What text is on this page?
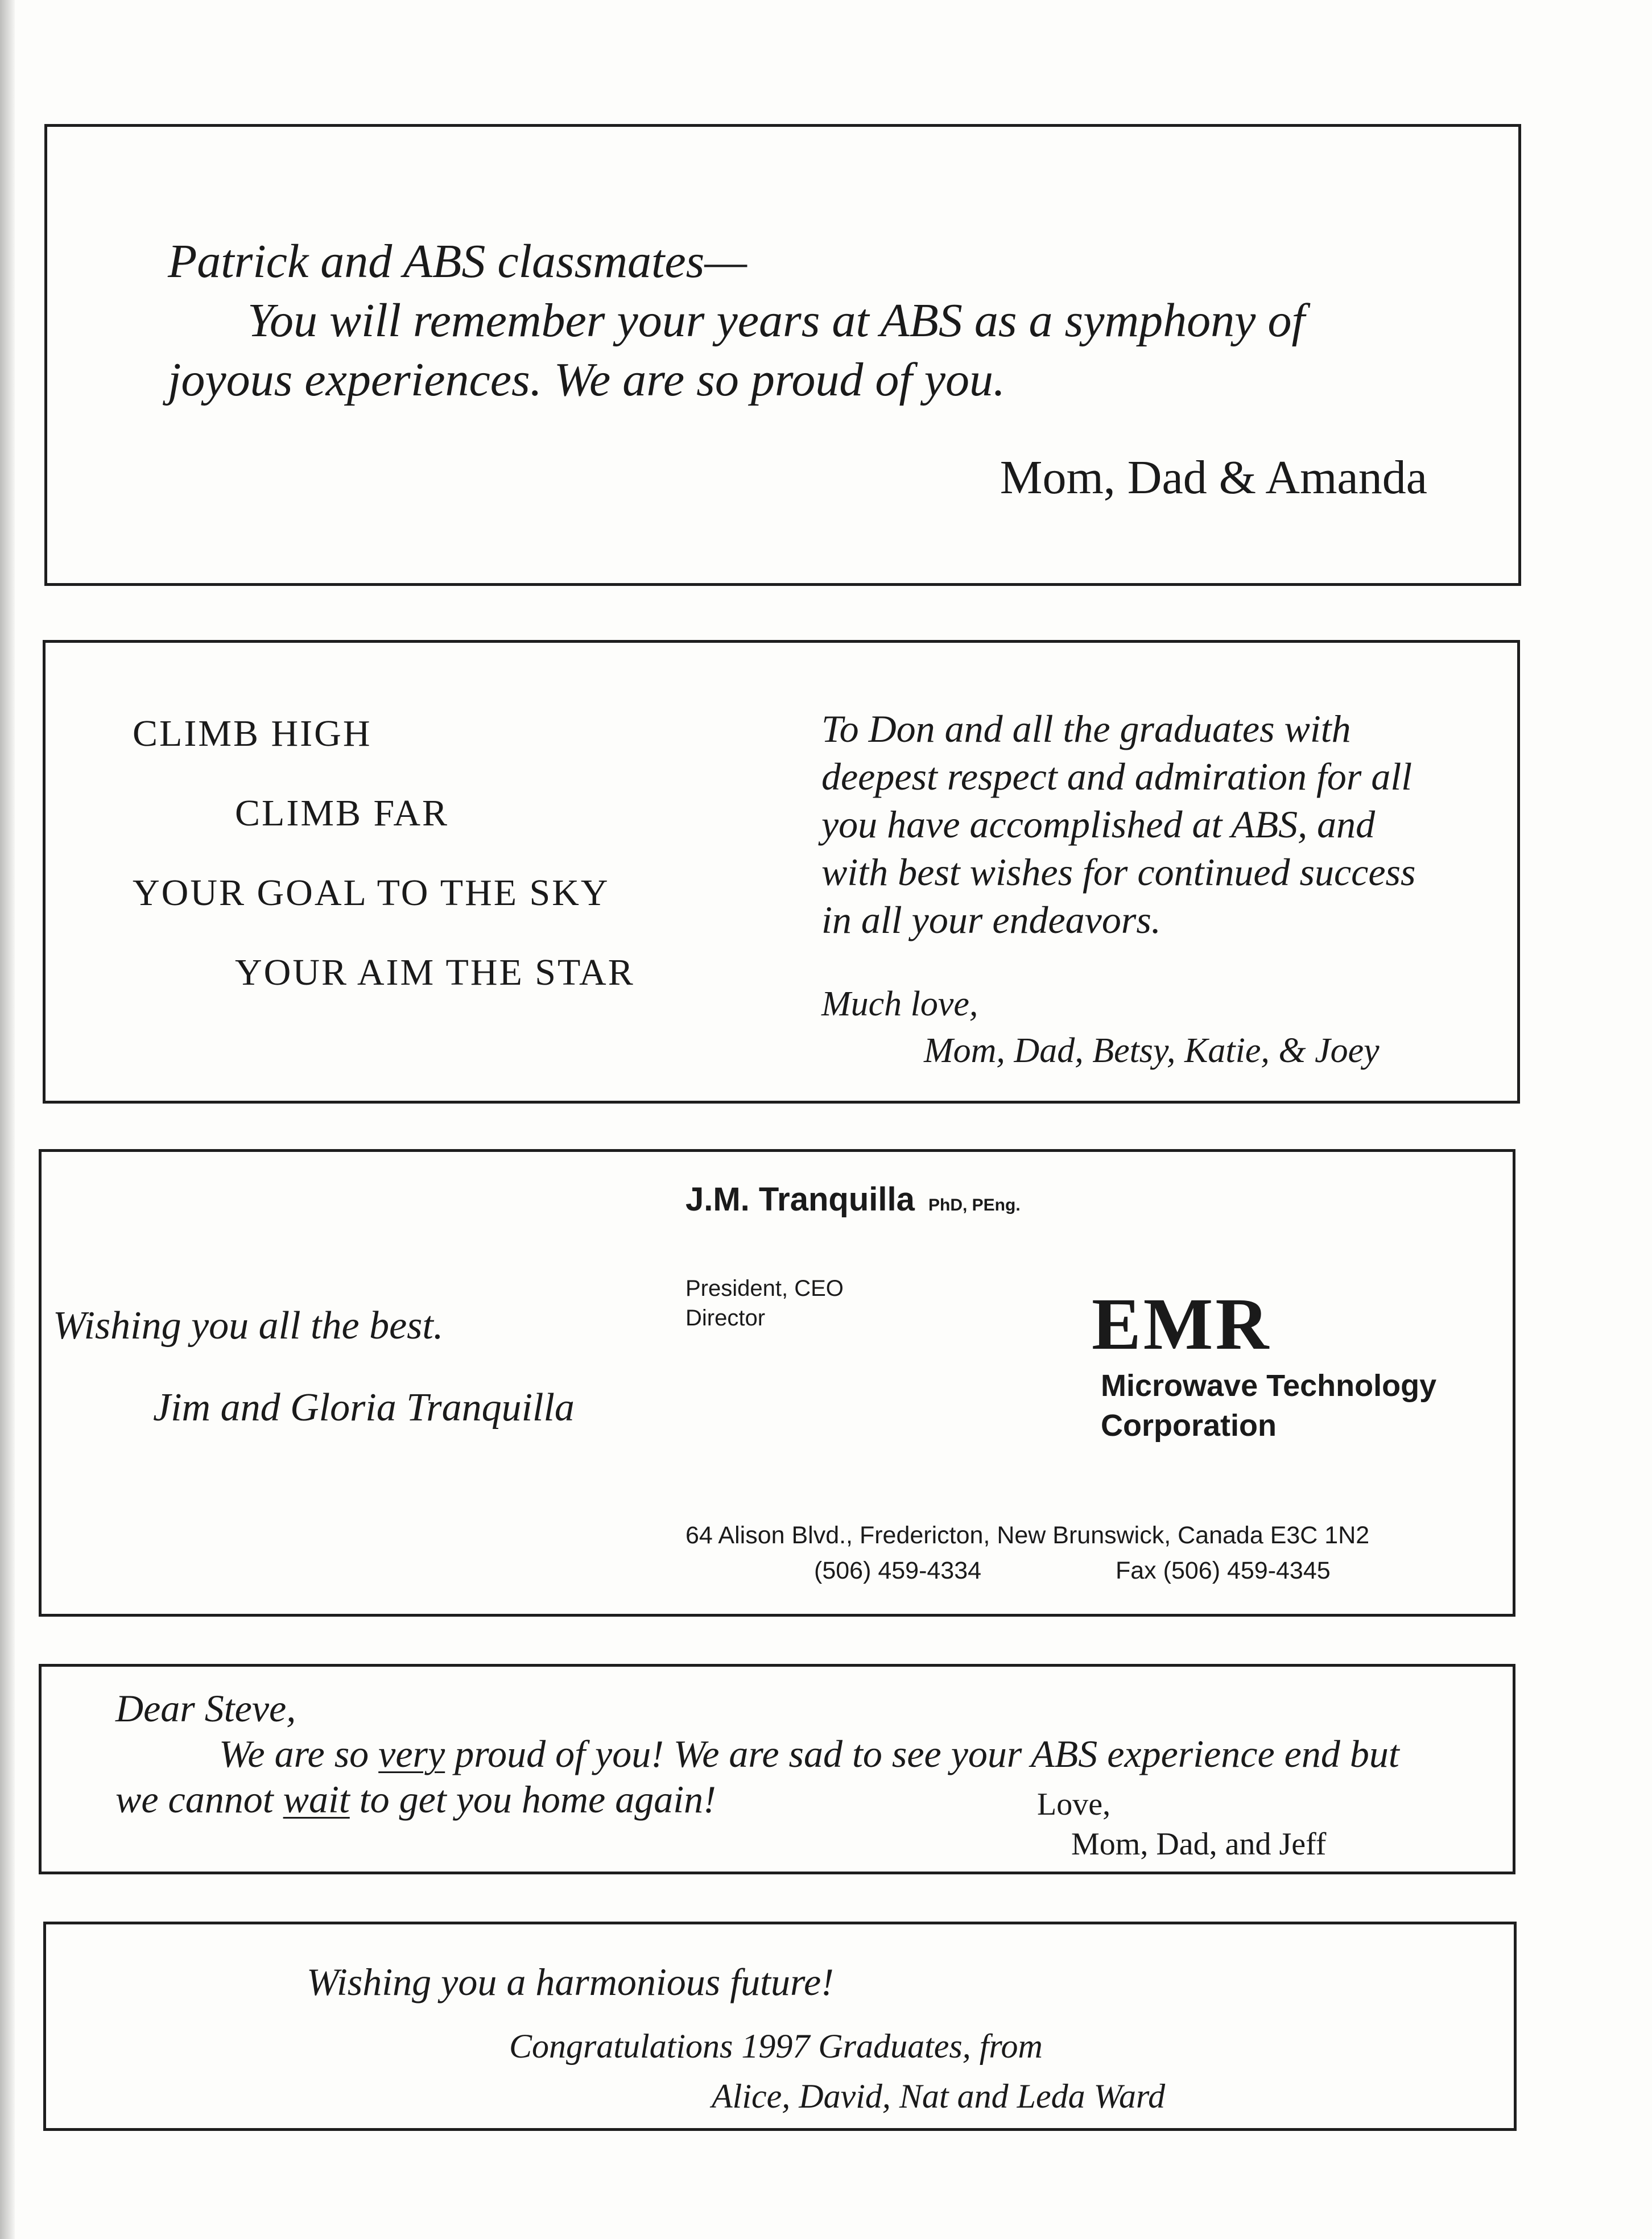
Patrick and ABS classmates—
You will remember your years at ABS as a symphony of
joyous experiences. We are so proud of you.
Mom, Dad & Amanda
CLIMB HIGH
CLIMB FAR
YOUR GOAL TO THE SKY
YOUR AIM THE STAR
To Don and all the graduates with
deepest respect and admiration for all
you have accomplished at ABS, and
with best wishes for continued success
in all your endeavors.
Much love,
Mom, Dad, Betsy, Katie, & Joey
Wishing you all the best.
Jim and Gloria Tranquilla
J.M. Tranquilla PhD, PEng.
President, CEO
Director	EMR
Microwave Technology
Corporation
64 Alison Blvd., Fredericton, New Brunswick, Canada E3C 1N2
(506) 459-4334	Fax (506) 459-4345
Dear Steve,
We are so very proud of you! We are sad to see your ABS experience end but
we cannot wait to get you home again!	Love,
Mom, Dad, and Jeff
Wishing you a harmonious future!
Congratulations 1997 Graduates, from
Alice, David, Nat and Leda Ward
